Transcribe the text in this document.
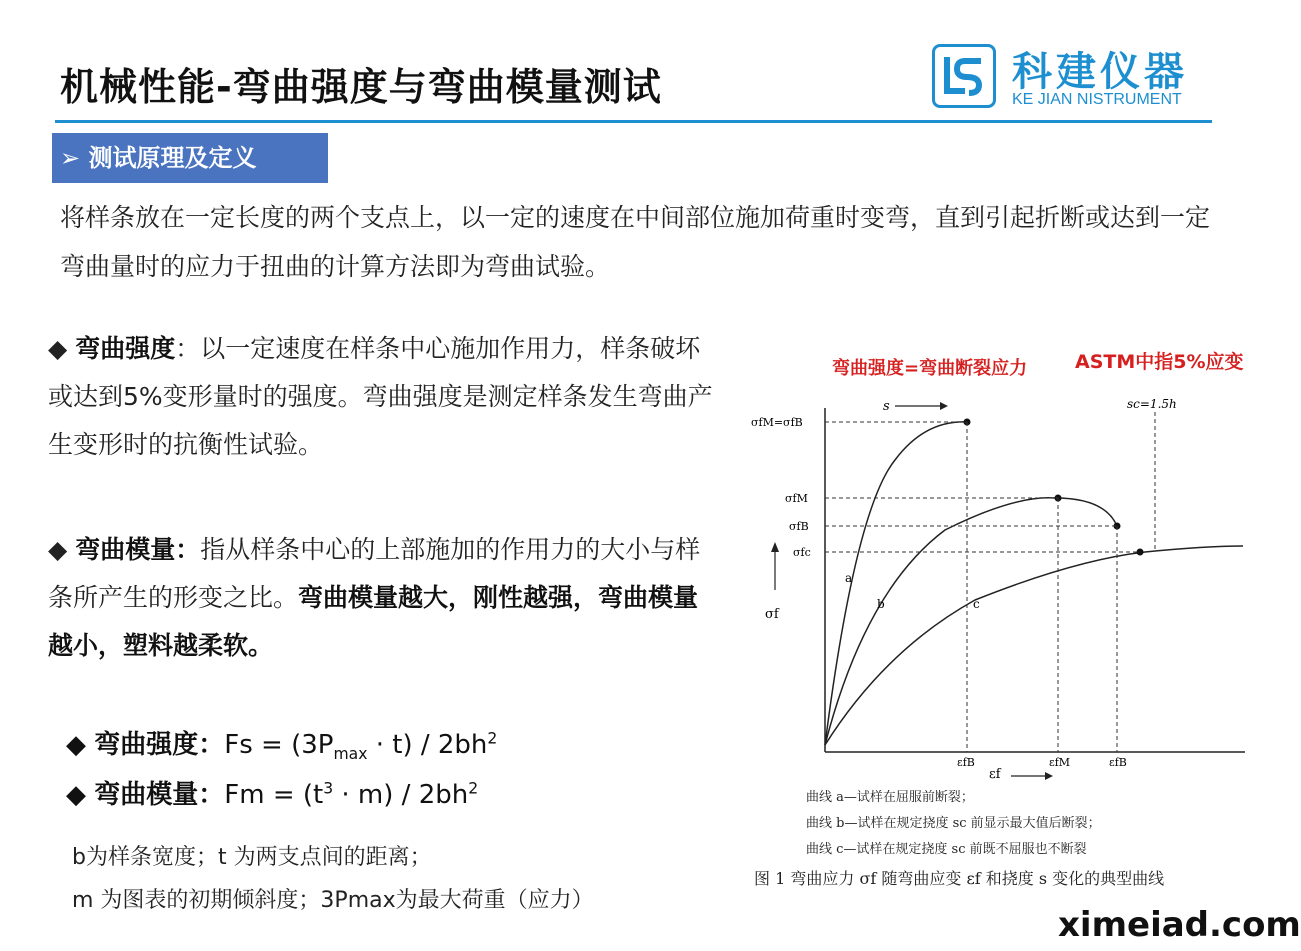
机械性能-弯曲强度与弯曲模量测试	科建仪器
KE JIAN NISTRUMENT
➢ 测试原理及定义
将样条放在一定长度的两个支点上，以一定的速度在中间部位施加荷重时变弯，直到引起折断或达到一定弯曲量时的应力于扭曲的计算方法即为弯曲试验。
◆ 弯曲强度：以一定速度在样条中心施加作用力，样条破坏或达到5%变形量时的强度。弯曲强度是测定样条发生弯曲产生变形时的抗衡性试验。
◆ 弯曲模量：指从样条中心的上部施加的作用力的大小与样条所产生的形变之比。弯曲模量越大，刚性越强，弯曲模量越小，塑料越柔软。
◆ 弯曲强度：$Fs = (3P_{max} \cdot t) / 2bh^2$
◆ 弯曲模量：$Fm = (t^3 \cdot m) / 2bh^2$
b为样条宽度；t 为两支点间的距离；
m 为图表的初期倾斜度；3Pmax为最大荷重（应力）
弯曲强度=弯曲断裂应力	ASTM中指5%应变
σfM=σfB
σfM
σfB
σfc
σf
εfB	εfM	εfB
εf
s	sc=1.5h
a
b	c
曲线 a—试样在屈服前断裂；
曲线 b—试样在规定挠度 sc 前显示最大值后断裂；
曲线 c—试样在规定挠度 sc 前既不屈服也不断裂
图 1 弯曲应力 σf 随弯曲应变 εf 和挠度 s 变化的典型曲线
ximeiad.com
